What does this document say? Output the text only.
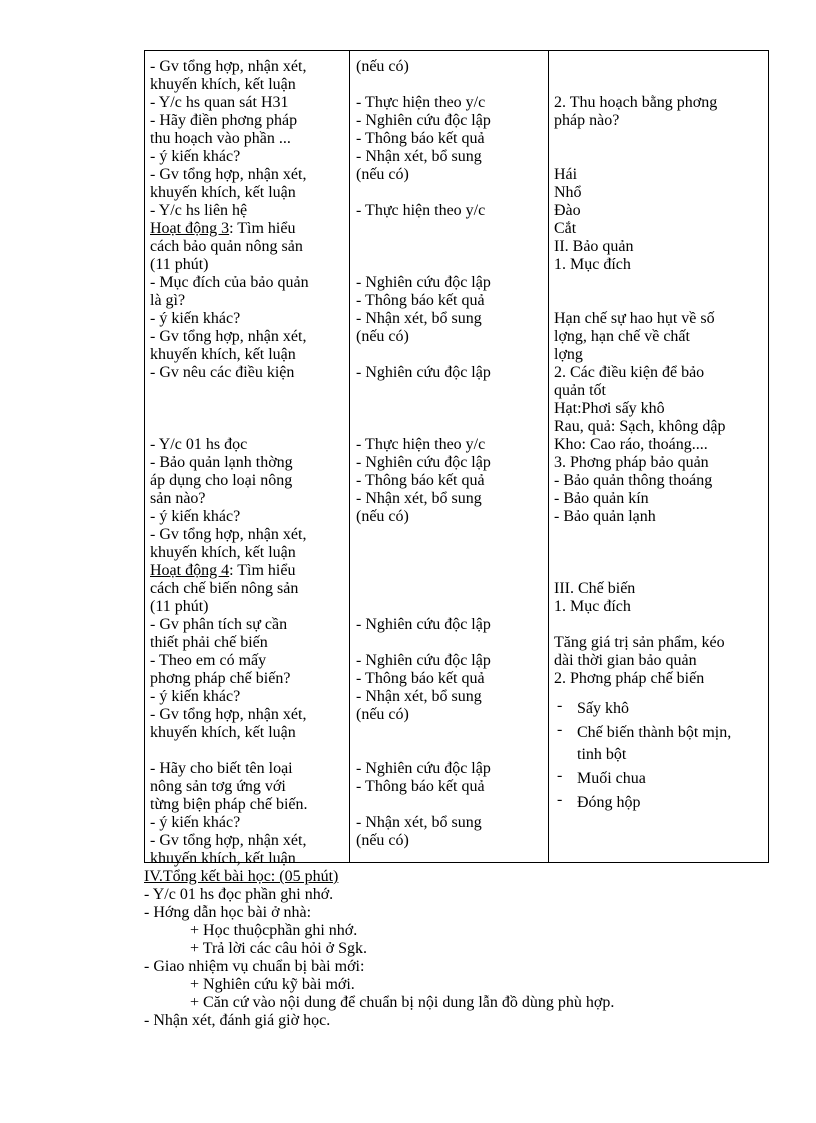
- Gv tổng hợp, nhận xét,
khuyến khích, kết luận
- Y/c hs quan sát H31
- Hãy điền phơng pháp
thu hoạch vào phần ...
- ý kiến khác?
- Gv tổng hợp, nhận xét,
khuyến khích, kết luận
- Y/c hs liên hệ
Hoạt động 3: Tìm hiểu
cách bảo quản nông sản
(11 phút)
- Mục đích của bảo quản
là gì?
- ý kiến khác?
- Gv tổng hợp, nhận xét,
khuyến khích, kết luận
- Gv nêu các điều kiện
- Y/c 01 hs đọc
- Bảo quản lạnh thờng
áp dụng cho loại nông
sản nào?
- ý kiến khác?
- Gv tổng hợp, nhận xét,
khuyến khích, kết luận
Hoạt động 4: Tìm hiểu
cách chế biến nông sản
(11 phút)
- Gv phân tích sự cần
thiết phải chế biến
- Theo em có mấy
phơng pháp chế biến?
- ý kiến khác?
- Gv tổng hợp, nhận xét,
khuyến khích, kết luận
- Hãy cho biết tên loại
nông sản tơg ứng với
từng biện pháp chế biến.
- ý kiến khác?
- Gv tổng hợp, nhận xét,
khuyến khích, kết luận
(nếu có)
- Thực hiện theo y/c
- Nghiên cứu độc lập
- Thông báo kết quả
- Nhận xét, bổ sung
(nếu có)
- Thực hiện theo y/c
- Nghiên cứu độc lập
- Thông báo kết quả
- Nhận xét, bổ sung
(nếu có)
- Nghiên cứu độc lập
- Thực hiện theo y/c
- Nghiên cứu độc lập
- Thông báo kết quả
- Nhận xét, bổ sung
(nếu có)
- Nghiên cứu độc lập
- Nghiên cứu độc lập
- Thông báo kết quả
- Nhận xét, bổ sung
(nếu có)
- Nghiên cứu độc lập
- Thông báo kết quả
- Nhận xét, bổ sung
(nếu có)
2. Thu hoạch bằng phơng
pháp nào?
Hái
Nhổ
Đào
Cắt
II. Bảo quản
1. Mục đích
Hạn chế sự hao hụt về số
lợng, hạn chế về chất
lợng
2. Các điều kiện để bảo
quản tốt
Hạt:Phơi sấy khô
Rau, quả: Sạch, không dập
Kho: Cao ráo, thoáng....
3. Phơng pháp bảo quản
- Bảo quản thông thoáng
- Bảo quản kín
- Bảo quản lạnh
III. Chế biến
1. Mục đích
Tăng giá trị sản phẩm, kéo
dài thời gian bảo quản
2. Phơng pháp chế biến
- Sấy khô
- Chế biến thành bột mịn,
tinh bột
- Muối chua
- Đóng hộp
IV.Tổng kết bài học: (05 phút)
- Y/c 01 hs đọc phần ghi nhớ.
- Hớng dẫn học bài ở nhà:
+ Học thuộcphần ghi nhớ.
+ Trả lời các câu hỏi ở Sgk.
- Giao nhiệm vụ chuẩn bị bài mới:
+ Nghiên cứu kỹ bài mới.
+ Căn cứ vào nội dung để chuẩn bị nội dung lẫn đồ dùng phù hợp.
- Nhận xét, đánh giá giờ học.
